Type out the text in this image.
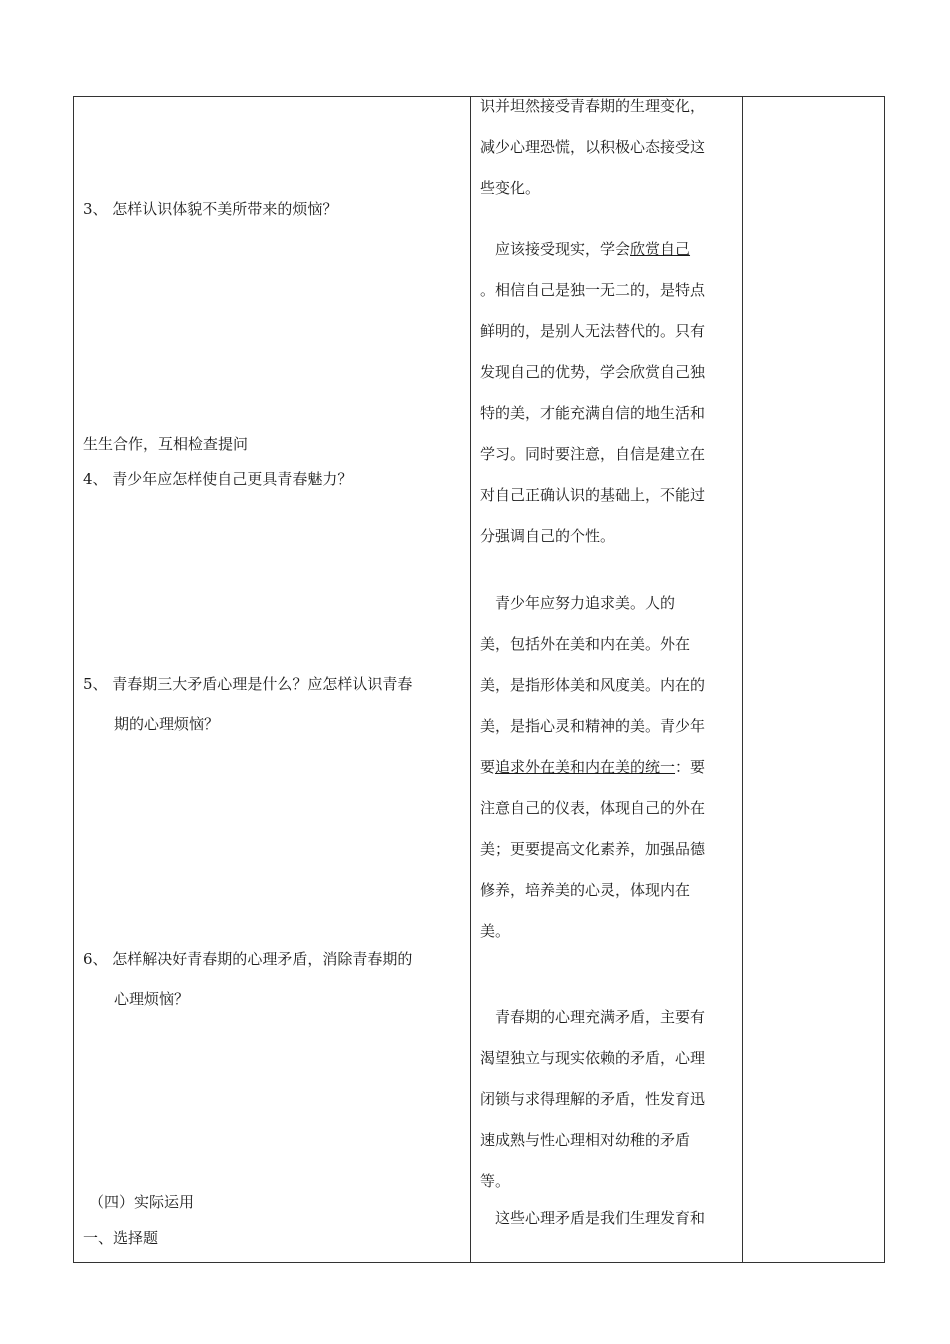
3、 怎样认识体貌不美所带来的烦恼？
生生合作，互相检查提问
4、 青少年应怎样使自己更具青春魅力？
5、 青春期三大矛盾心理是什么？应怎样认识青春
期的心理烦恼？
6、 怎样解决好青春期的心理矛盾，消除青春期的
心理烦恼？
（四）实际运用
一、选择题
识并坦然接受青春期的生理变化，
减少心理恐慌，以积极心态接受这
些变化。
　应该接受现实，学会欣赏自己
。相信自己是独一无二的，是特点
鲜明的，是别人无法替代的。只有
发现自己的优势，学会欣赏自己独
特的美，才能充满自信的地生活和
学习。同时要注意，自信是建立在
对自己正确认识的基础上，不能过
分强调自己的个性。
　青少年应努力追求美。人的
美，包括外在美和内在美。外在
美，是指形体美和风度美。内在的
美，是指心灵和精神的美。青少年
要追求外在美和内在美的统一：要
注意自己的仪表，体现自己的外在
美；更要提高文化素养，加强品德
修养，培养美的心灵，体现内在
美。
　青春期的心理充满矛盾，主要有
渴望独立与现实依赖的矛盾，心理
闭锁与求得理解的矛盾，性发育迅
速成熟与性心理相对幼稚的矛盾
等。
　这些心理矛盾是我们生理发育和
